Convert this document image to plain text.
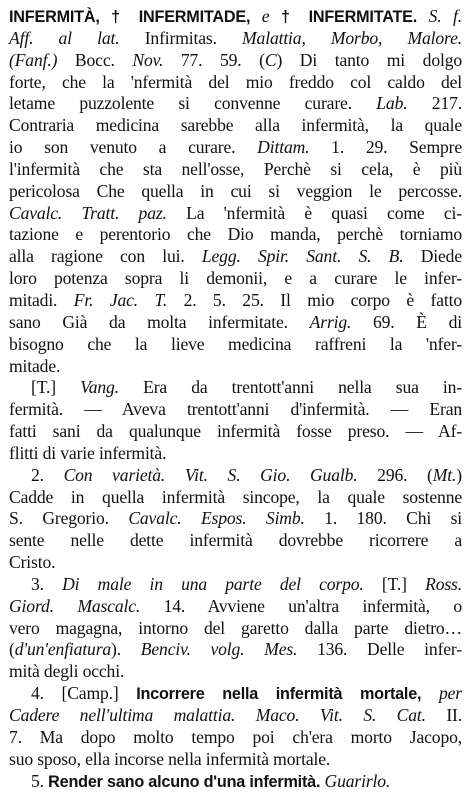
INFERMITÀ, † INFERMITADE, e † INFERMITATE. S. f.
Aff. al lat. Infirmitas. Malattia, Morbo, Malore.
(Fanf.) Bocc. Nov. 77. 59. (C) Di tanto mi dolgo
forte, che la 'nfermità del mio freddo col caldo del
letame puzzolente si convenne curare. Lab. 217.
Contraria medicina sarebbe alla infermità, la quale
io son venuto a curare. Dittam. 1. 29. Sempre
l'infermità che sta nell'osse, Perchè si cela, è più
pericolosa Che quella in cui si veggion le percosse.
Cavalc. Tratt. paz. La 'nfermità è quasi come ci-
tazione e perentorio che Dio manda, perchè torniamo
alla ragione con lui. Legg. Spir. Sant. S. B. Diede
loro potenza sopra li demonii, e a curare le infer-
mitadi. Fr. Jac. T. 2. 5. 25. Il mio corpo è fatto
sano Già da molta infermitate. Arrig. 69. È di
bisogno che la lieve medicina raffreni la 'nfer-
mitade.
[T.] Vang. Era da trentott'anni nella sua in-
fermità. — Aveva trentott'anni d'infermità. — Eran
fatti sani da qualunque infermità fosse preso. — Af-
flitti di varie infermità.
2. Con varietà. Vit. S. Gio. Gualb. 296. (Mt.)
Cadde in quella infermità sincope, la quale sostenne
S. Gregorio. Cavalc. Espos. Simb. 1. 180. Chi si
sente nelle dette infermità dovrebbe ricorrere a
Cristo.
3. Di male in una parte del corpo. [T.] Ross.
Giord. Mascalc. 14. Avviene un'altra infermità, o
vero magagna, intorno del garetto dalla parte dietro…
(d'un'enfiatura). Benciv. volg. Mes. 136. Delle infer-
mità degli occhi.
4. [Camp.] Incorrere nella infermità mortale, per
Cadere nell'ultima malattia. Maco. Vit. S. Cat. II.
7. Ma dopo molto tempo poi ch'era morto Jacopo,
suo sposo, ella incorse nella infermità mortale.
5. Render sano alcuno d'una infermità. Guarirlo.
